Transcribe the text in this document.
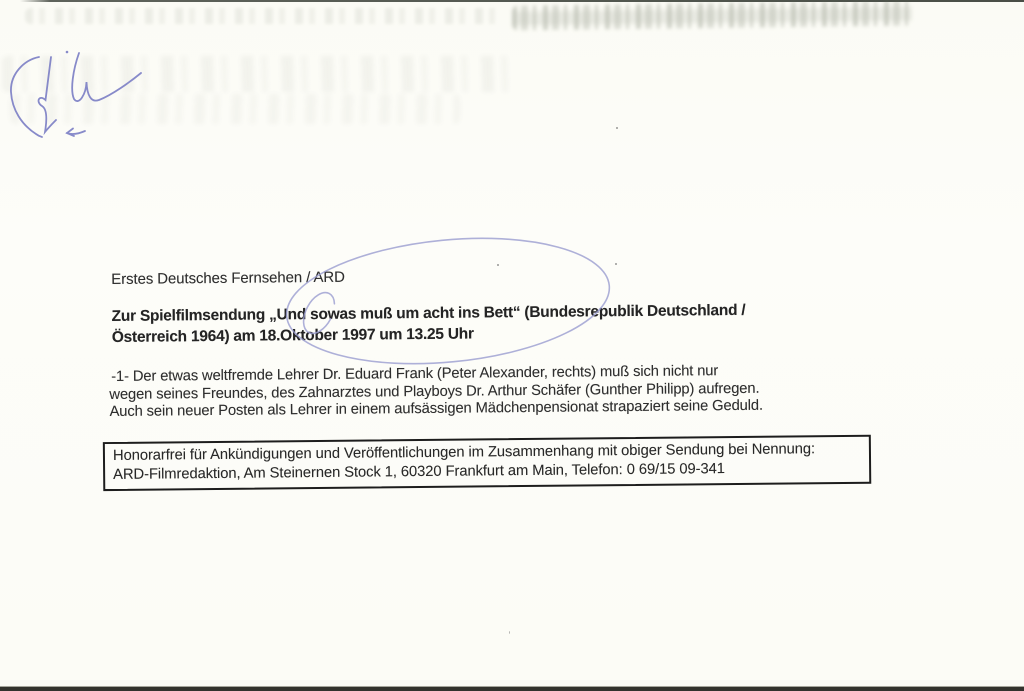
Erstes Deutsches Fernsehen / ARD
Zur Spielfilmsendung „Und sowas muß um acht ins Bett“ (Bundesrepublik Deutschland /
Österreich 1964) am 18.Oktober 1997 um 13.25 Uhr
-1- Der etwas weltfremde Lehrer Dr. Eduard Frank (Peter Alexander, rechts) muß sich nicht nur
wegen seines Freundes, des Zahnarztes und Playboys Dr. Arthur Schäfer (Gunther Philipp) aufregen.
Auch sein neuer Posten als Lehrer in einem aufsässigen Mädchenpensionat strapaziert seine Geduld.
Honorarfrei für Ankündigungen und Veröffentlichungen im Zusammenhang mit obiger Sendung bei Nennung:
ARD-Filmredaktion, Am Steinernen Stock 1, 60320 Frankfurt am Main, Telefon: 0 69/15 09-341
